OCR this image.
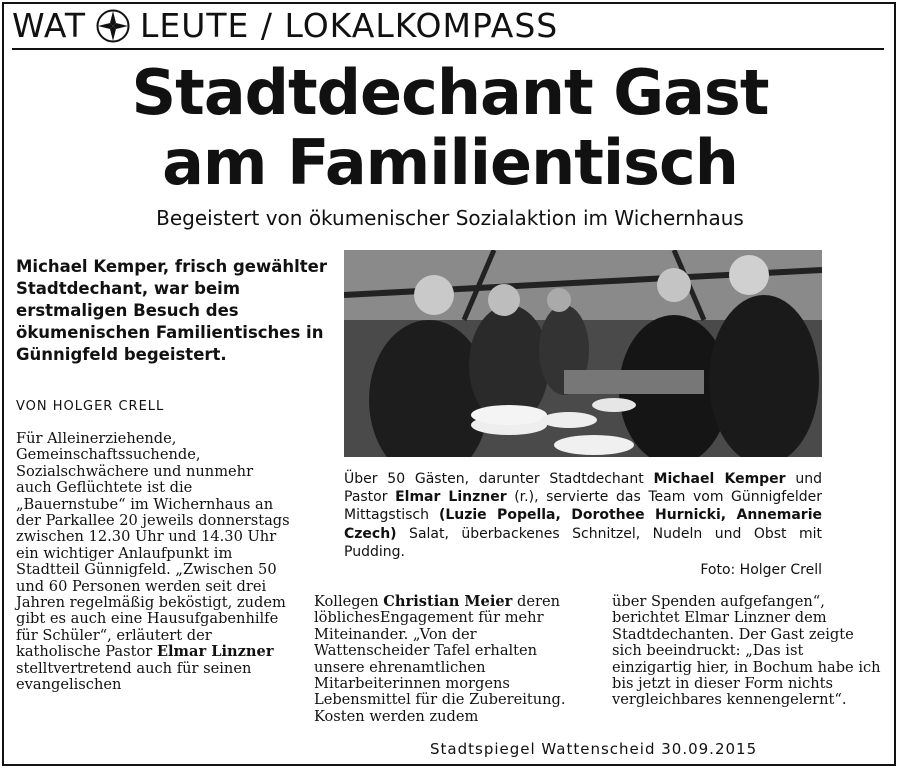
WAT LEUTE / LOKALKOMPASS
Stadtdechant Gast
am Familientisch
Begeistert von ökumenischer Sozialaktion im Wichernhaus
Michael Kemper, frisch gewählter Stadtdechant, war beim erstmaligen Besuch des ökumenischen Familientisches in Günnigfeld begeistert.
VON HOLGER CRELL
Für Alleinerziehende, Gemeinschaftssuchende, Sozialschwächere und nunmehr auch Geflüchtete ist die „Bauernstube“ im Wichernhaus an der Parkallee 20 jeweils donnerstags zwischen 12.30 Uhr und 14.30 Uhr ein wichtiger Anlaufpunkt im Stadtteil Günnigfeld. „Zwischen 50 und 60 Personen werden seit drei Jahren regelmäßig beköstigt, zudem gibt es auch eine Hausufgabenhilfe für Schüler“, erläutert der katholische Pastor Elmar Linzner stelltvertretend auch für seinen evangelischen
Über 50 Gästen, darunter Stadtdechant Michael Kemper und Pastor Elmar Linzner (r.), servierte das Team vom Günnigfelder Mittagstisch (Luzie Popella, Dorothee Hurnicki, Annemarie Czech) Salat, überbackenes Schnitzel, Nudeln und Obst mit Pudding.
Foto: Holger Crell
Kollegen Christian Meier deren löblichesEngagement für mehr Miteinander. „Von der Wattenscheider Tafel erhalten unsere ehrenamtlichen Mitarbeiterinnen morgens Lebensmittel für die Zubereitung. Kosten werden zudem
über Spenden aufgefangen“, berichtet Elmar Linzner dem Stadtdechanten. Der Gast zeigte sich beeindruckt: „Das ist einzigartig hier, in Bochum habe ich bis jetzt in dieser Form nichts vergleichbares kennengelernt“.
Stadtspiegel Wattenscheid 30.09.2015
